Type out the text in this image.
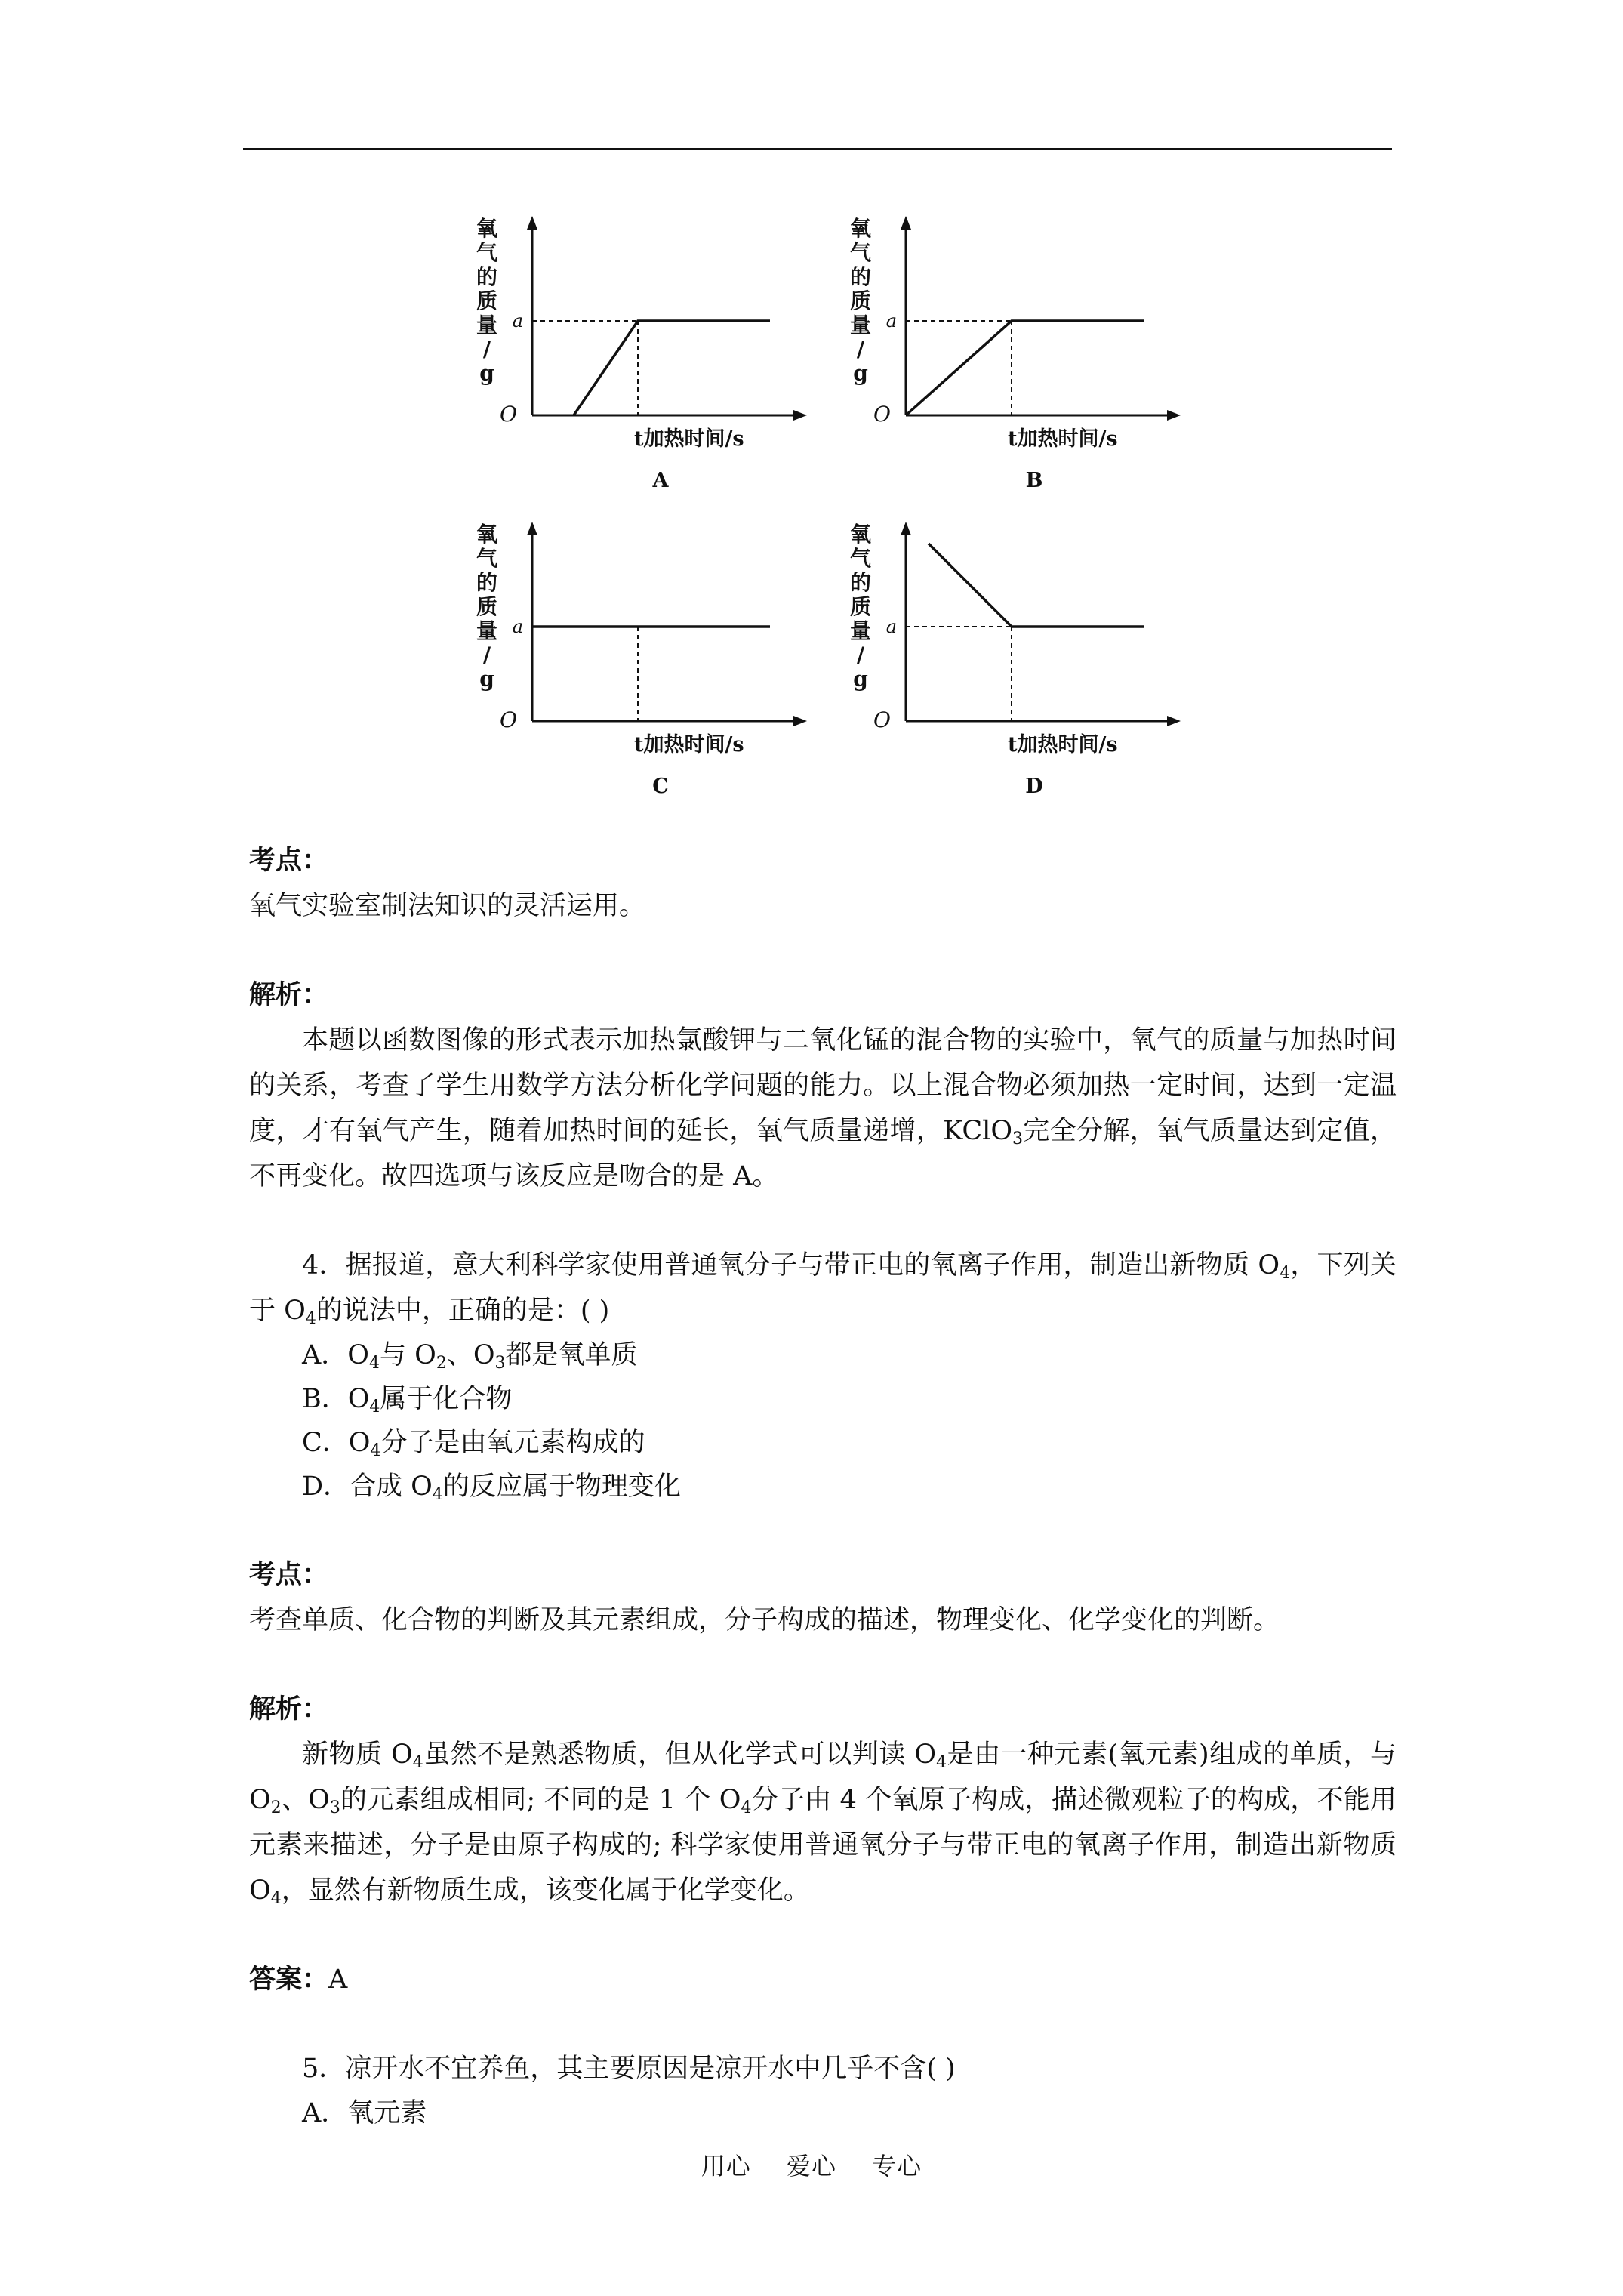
氧
气
的
质
量
/
g
a
O
t加热时间/s
A
氧
气
的
质
量
/
g
a
O
t加热时间/s
B
氧
气
的
质
量
/
g
a
O
t加热时间/s
C
氧
气
的
质
量
/
g
a
O
t加热时间/s
D

考点：

氧气实验室制法知识的灵活运用。

解析：

本题以函数图像的形式表示加热氯酸钾与二氧化锰的混合物的实验中，氧气的质量与加热时间的关系，考查了学生用数学方法分析化学问题的能力。以上混合物必须加热一定时间，达到一定温度，才有氧气产生，随着加热时间的延长，氧气质量递增，KClO$_3$完全分解，氧气质量达到定值，不再变化。故四选项与该反应是吻合的是 A。

4．据报道，意大利科学家使用普通氧分子与带正电的氧离子作用，制造出新物质 $O_4$，下列关于 $O_4$的说法中，正确的是：( )

A．$O_4$与 $O_2$、$O_3$都是氧单质

B．$O_4$属于化合物

C．$O_4$分子是由氧元素构成的

D．合成 $O_4$的反应属于物理变化

考点：

考查单质、化合物的判断及其元素组成，分子构成的描述，物理变化、化学变化的判断。

解析：

新物质 $O_4$虽然不是熟悉物质，但从化学式可以判读 $O_4$是由一种元素(氧元素)组成的单质，与 $O_2$、$O_3$的元素组成相同; 不同的是 1 个 $O_4$分子由 4 个氧原子构成，描述微观粒子的构成，不能用元素来描述，分子是由原子构成的; 科学家使用普通氧分子与带正电的氧离子作用，制造出新物质 $O_4$，显然有新物质生成，该变化属于化学变化。

答案：A

5．凉开水不宜养鱼，其主要原因是凉开水中几乎不含( )

A．氧元素

用心 爱心 专心
